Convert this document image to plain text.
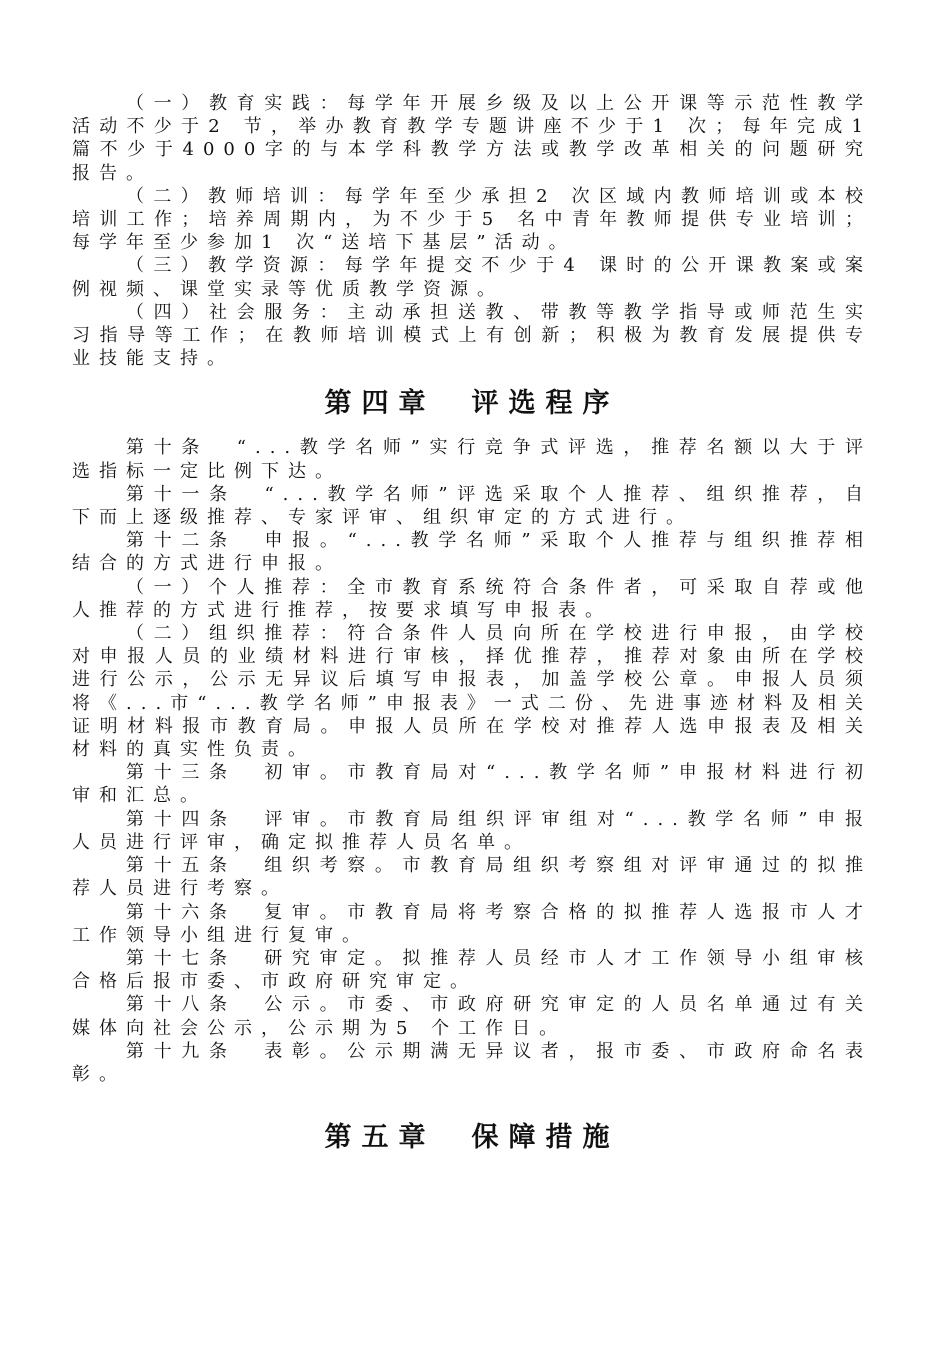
（一）教育实践：每学年开展乡级及以上公开课等示范性教学活动不少于2 节，举办教育教学专题讲座不少于1 次；每年完成1 篇不少于4000字的与本学科教学方法或教学改革相关的问题研究报告。

（二）教师培训：每学年至少承担2 次区域内教师培训或本校培训工作；培养周期内，为不少于5 名中青年教师提供专业培训；每学年至少参加1 次“送培下基层”活动。

（三）教学资源：每学年提交不少于4 课时的公开课教案或案例视频、课堂实录等优质教学资源。

（四）社会服务：主动承担送教、带教等教学指导或师范生实习指导等工作；在教师培训模式上有创新；积极为教育发展提供专业技能支持。

第四章 评选程序

第十条　“...教学名师”实行竞争式评选，推荐名额以大于评选指标一定比例下达。

第十一条　“...教学名师”评选采取个人推荐、组织推荐，自下而上逐级推荐、专家评审、组织审定的方式进行。

第十二条　申报。“...教学名师”采取个人推荐与组织推荐相结合的方式进行申报。

（一）个人推荐：全市教育系统符合条件者，可采取自荐或他人推荐的方式进行推荐，按要求填写申报表。

（二）组织推荐：符合条件人员向所在学校进行申报，由学校对申报人员的业绩材料进行审核，择优推荐，推荐对象由所在学校进行公示，公示无异议后填写申报表，加盖学校公章。申报人员须将《...市“...教学名师”申报表》一式二份、先进事迹材料及相关证明材料报市教育局。申报人员所在学校对推荐人选申报表及相关材料的真实性负责。

第十三条　初审。市教育局对“...教学名师”申报材料进行初审和汇总。

第十四条　评审。市教育局组织评审组对“...教学名师”申报人员进行评审，确定拟推荐人员名单。

第十五条　组织考察。市教育局组织考察组对评审通过的拟推荐人员进行考察。

第十六条　复审。市教育局将考察合格的拟推荐人选报市人才工作领导小组进行复审。

第十七条　研究审定。拟推荐人员经市人才工作领导小组审核合格后报市委、市政府研究审定。

第十八条　公示。市委、市政府研究审定的人员名单通过有关媒体向社会公示，公示期为5 个工作日。

第十九条　表彰。公示期满无异议者，报市委、市政府命名表彰。

第五章 保障措施
